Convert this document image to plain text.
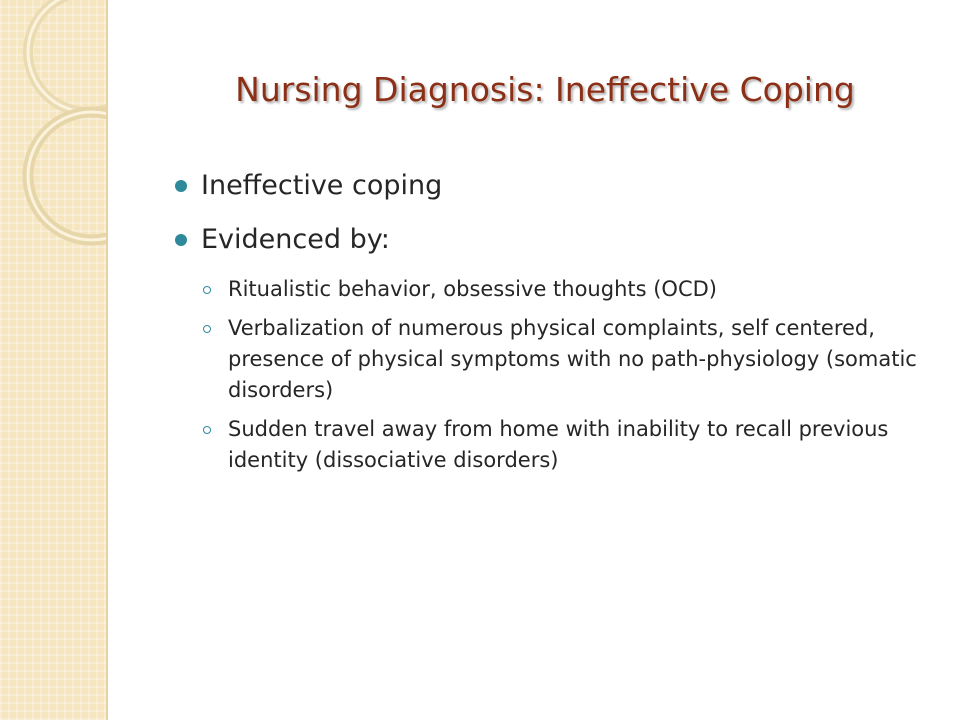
Nursing Diagnosis: Ineffective Coping
Ineffective coping
Evidenced by:
Ritualistic behavior, obsessive thoughts (OCD)
Verbalization of numerous physical complaints, self centered, presence of physical symptoms with no path-physiology (somatic disorders)
Sudden travel away from home with inability to recall previous identity (dissociative disorders)
